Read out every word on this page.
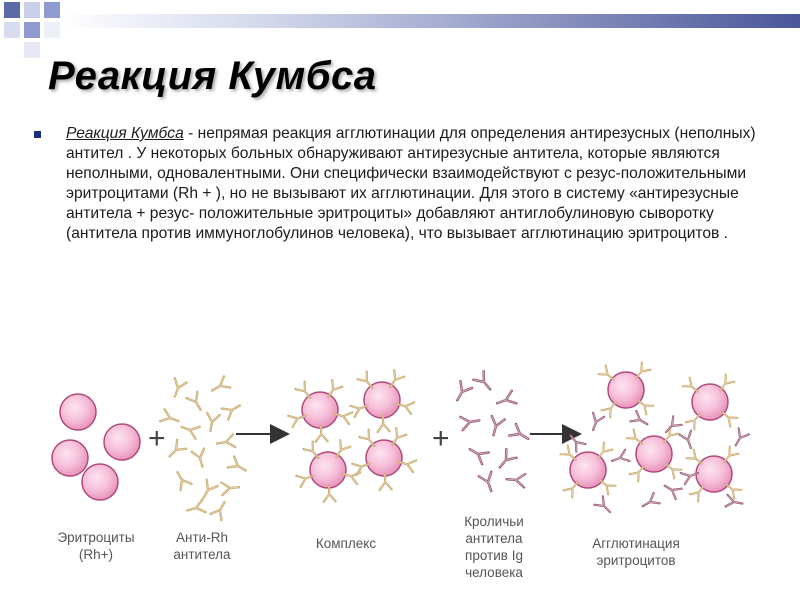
Реакция Кумбса
Реакция Кумбса - непрямая реакция агглютинации для определения антирезусных (неполных) антител . У некоторых больных обнаруживают антирезусные антитела, которые являются неполными, одновалентными. Они специфически взаимодействуют с резус-положительными эритроцитами (Rh + ), но не вызывают их агглютинации. Для этого в систему «антирезусные антитела + резус- положительные эритроциты» добавляют антиглобулиновую сыворотку (антитела против иммуноглобулинов человека), что вызывает агглютинацию эритроцитов .
+	+
Эритроциты
(Rh+)
Анти-Rh
антитела
Комплекс
Кроличьи
антитела
против Ig
человека
Агглютинация
эритроцитов
